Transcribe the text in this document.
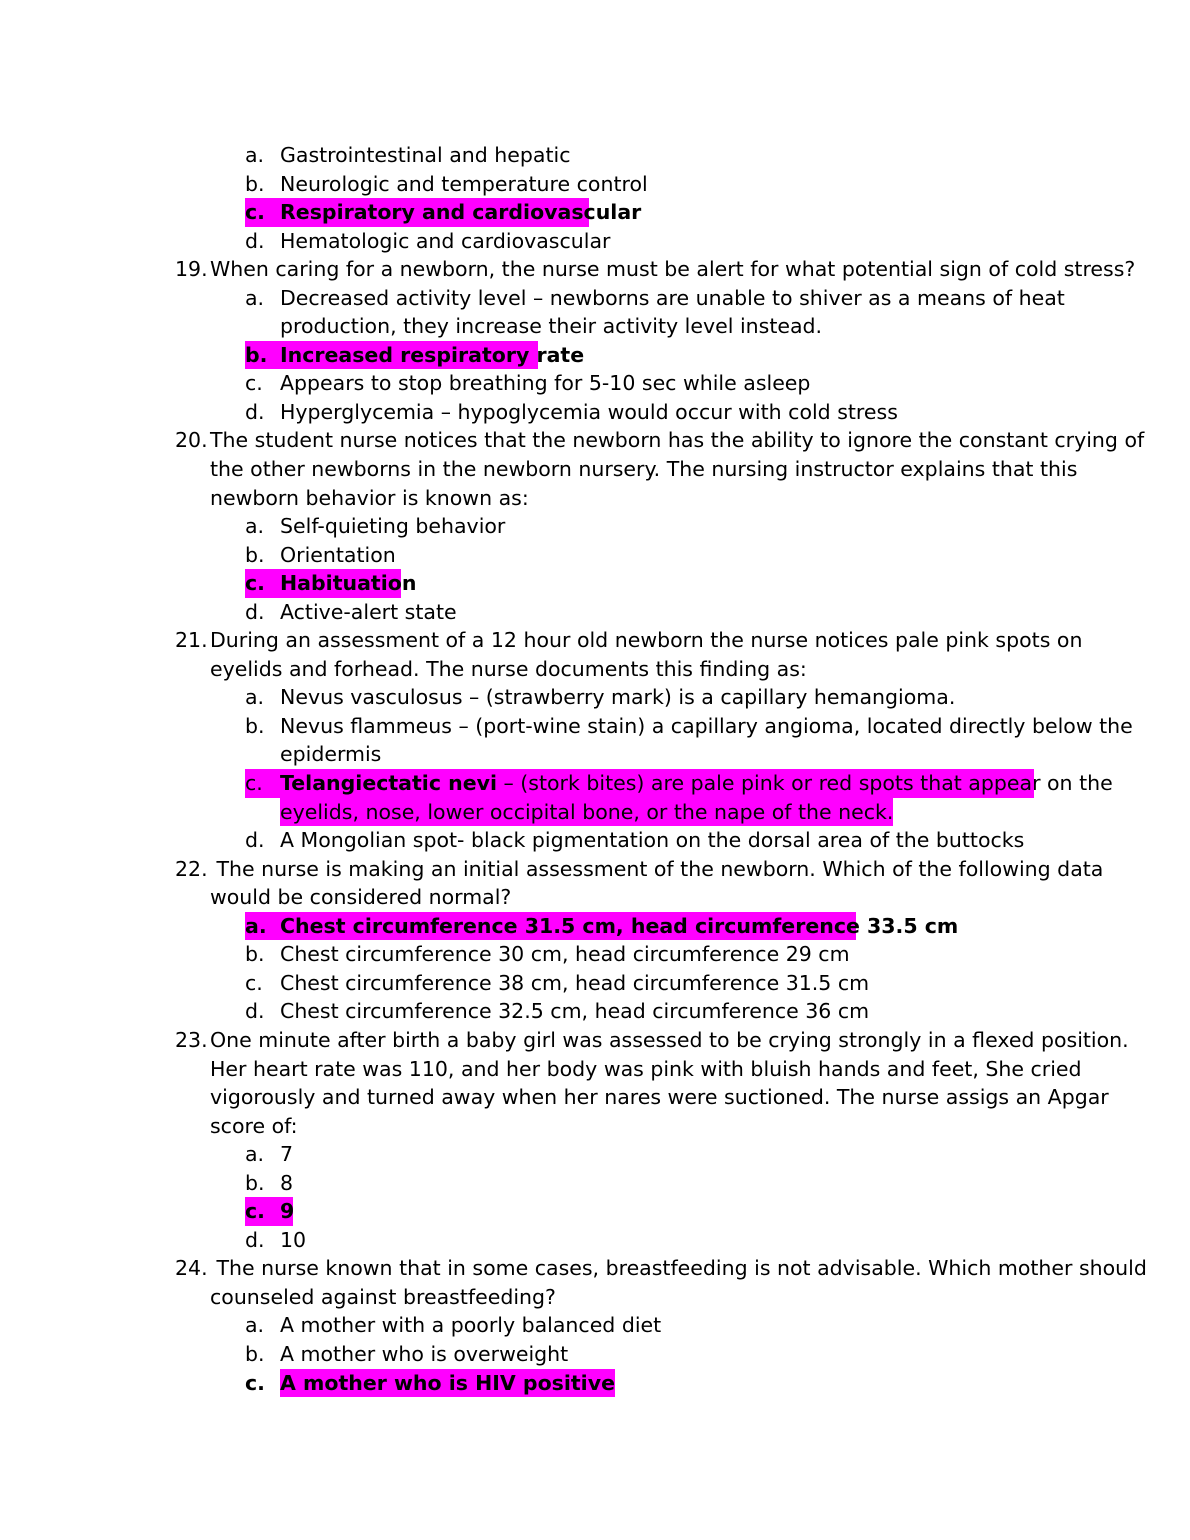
a. Gastrointestinal and hepatic
b. Neurologic and temperature control
c. Respiratory and cardiovascular
d. Hematologic and cardiovascular
19. When caring for a newborn, the nurse must be alert for what potential sign of cold stress?
a. Decreased activity level – newborns are unable to shiver as a means of heat
production, they increase their activity level instead.
b. Increased respiratory rate
c. Appears to stop breathing for 5-10 sec while asleep
d. Hyperglycemia – hypoglycemia would occur with cold stress
20. The student nurse notices that the newborn has the ability to ignore the constant crying of
the other newborns in the newborn nursery. The nursing instructor explains that this
newborn behavior is known as:
a. Self-quieting behavior
b. Orientation
c. Habituation
d. Active-alert state
21. During an assessment of a 12 hour old newborn the nurse notices pale pink spots on
eyelids and forhead. The nurse documents this finding as:
a. Nevus vasculosus – (strawberry mark) is a capillary hemangioma.
b. Nevus flammeus – (port-wine stain) a capillary angioma, located directly below the
epidermis
c. Telangiectatic nevi – (stork bites) are pale pink or red spots that appear on the
eyelids, nose, lower occipital bone, or the nape of the neck.
d. A Mongolian spot- black pigmentation on the dorsal area of the buttocks
22. The nurse is making an initial assessment of the newborn. Which of the following data
would be considered normal?
a. Chest circumference 31.5 cm, head circumference 33.5 cm
b. Chest circumference 30 cm, head circumference 29 cm
c. Chest circumference 38 cm, head circumference 31.5 cm
d. Chest circumference 32.5 cm, head circumference 36 cm
23. One minute after birth a baby girl was assessed to be crying strongly in a flexed position.
Her heart rate was 110, and her body was pink with bluish hands and feet, She cried
vigorously and turned away when her nares were suctioned. The nurse assigs an Apgar
score of:
a. 7
b. 8
c. 9
d. 10
24. The nurse known that in some cases, breastfeeding is not advisable. Which mother should
counseled against breastfeeding?
a. A mother with a poorly balanced diet
b. A mother who is overweight
c. A mother who is HIV positive
